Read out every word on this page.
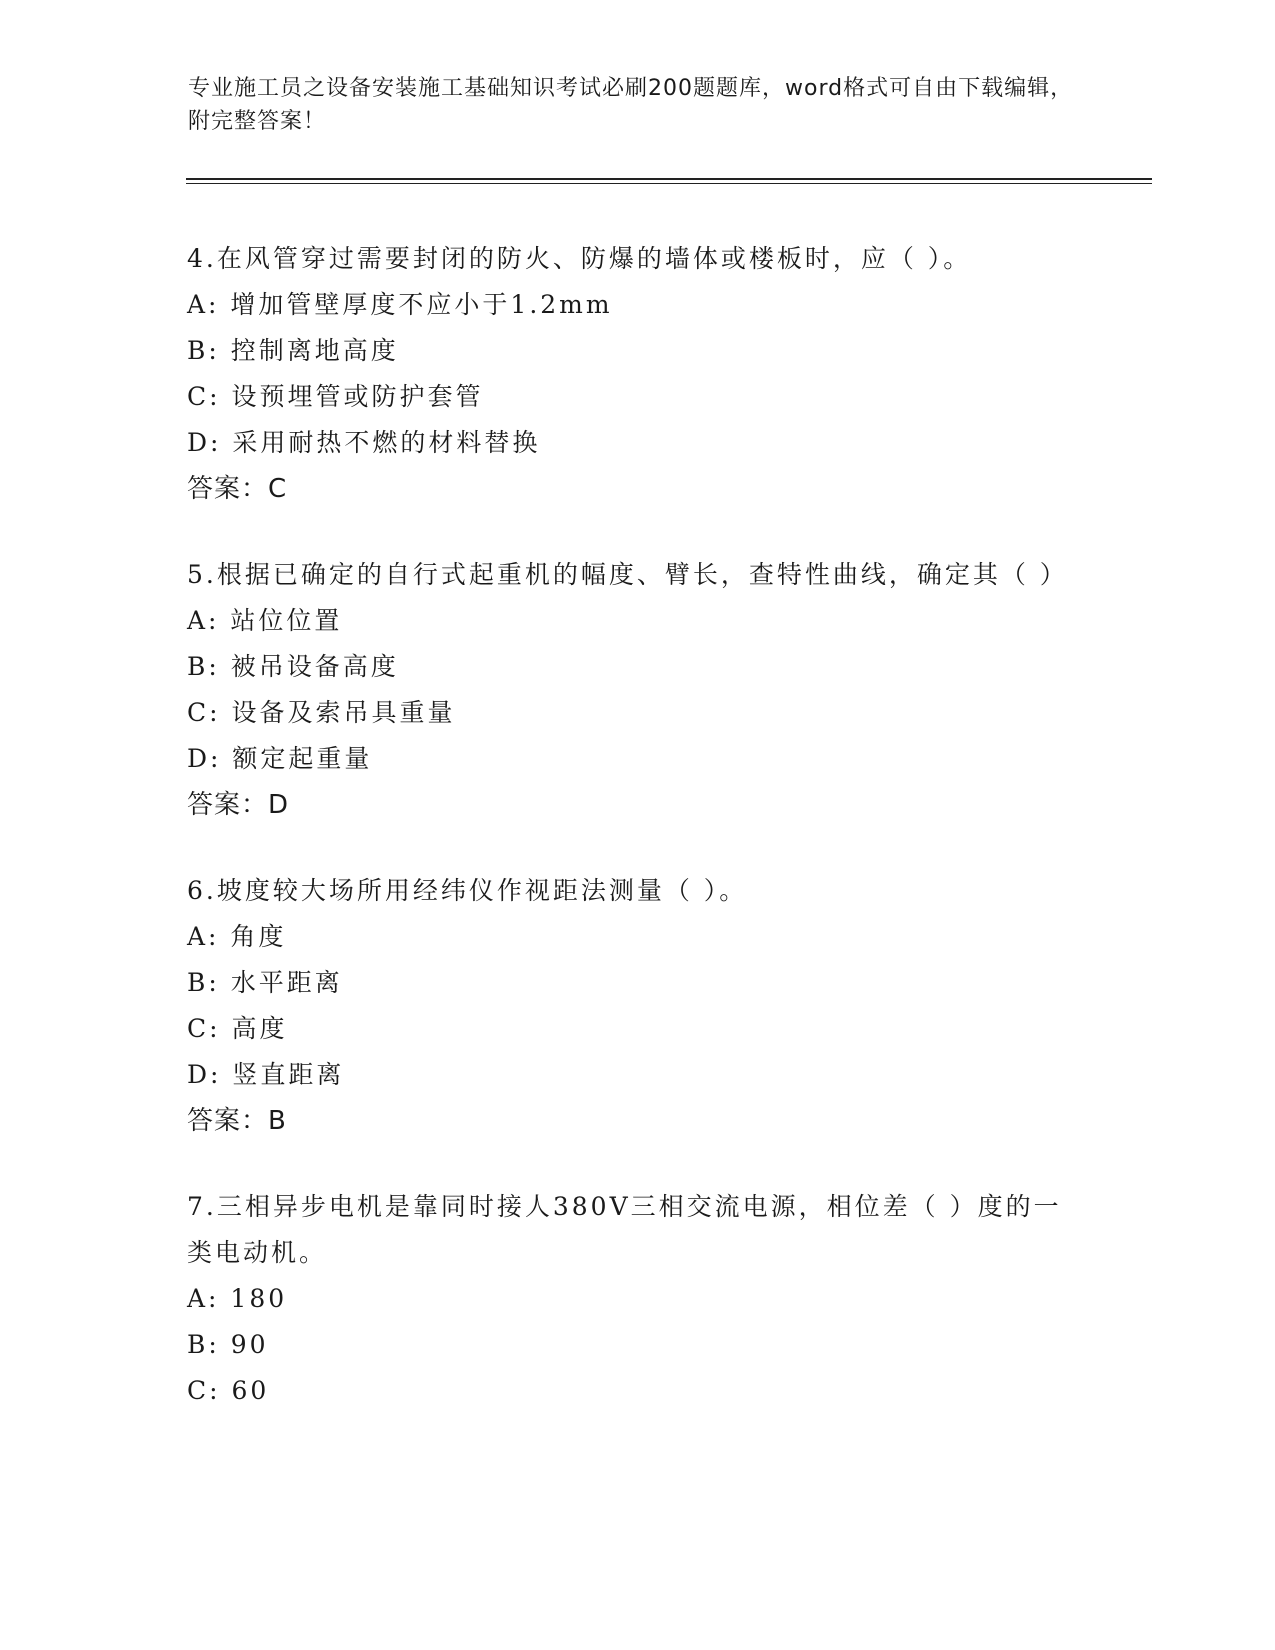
专业施工员之设备安装施工基础知识考试必刷200题题库，word格式可自由下载编辑，附完整答案！
4.在风管穿过需要封闭的防火、防爆的墙体或楼板时，应（ ）。
A: 增加管壁厚度不应小于1.2mm
B: 控制离地高度
C: 设预埋管或防护套管
D: 采用耐热不燃的材料替换
答案：C
5.根据已确定的自行式起重机的幅度、臂长，查特性曲线，确定其（ ）
A: 站位位置
B: 被吊设备高度
C: 设备及索吊具重量
D: 额定起重量
答案：D
6.坡度较大场所用经纬仪作视距法测量（ ）。
A: 角度
B: 水平距离
C: 高度
D: 竖直距离
答案：B
7.三相异步电机是靠同时接人380V三相交流电源，相位差（ ）度的一类电动机。
A: 180
B: 90
C: 60
